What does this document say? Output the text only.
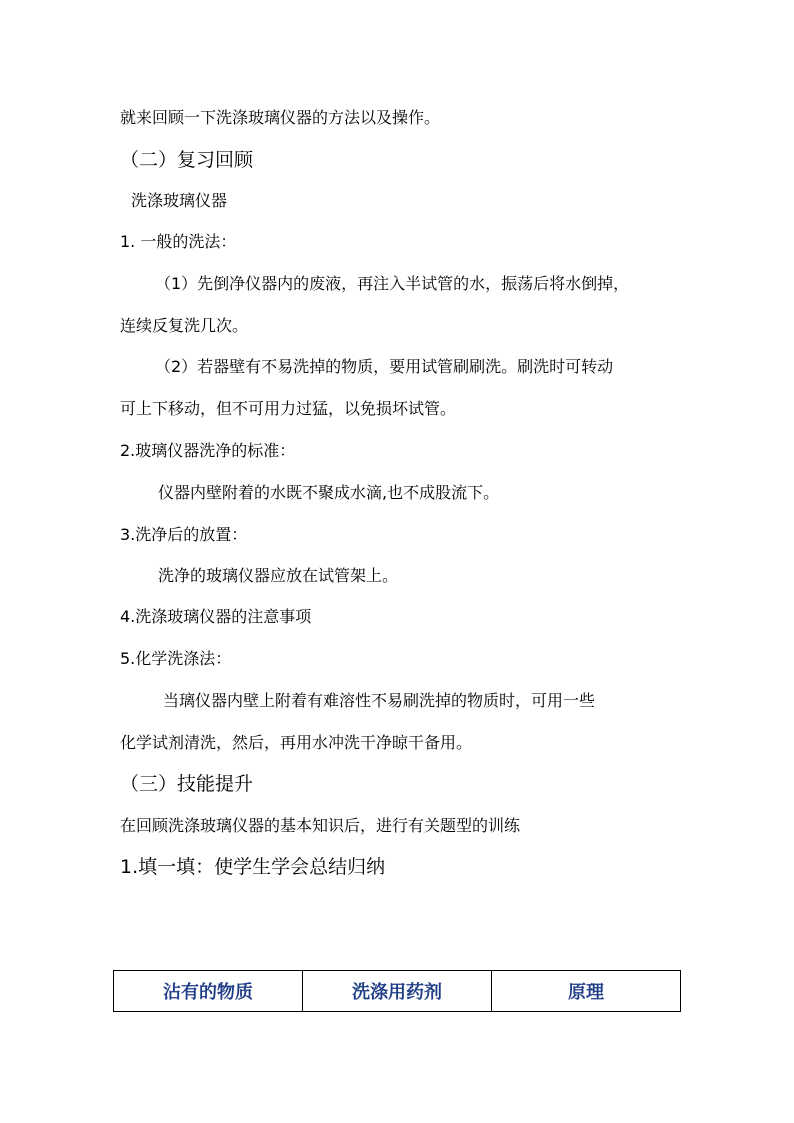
就来回顾一下洗涤玻璃仪器的方法以及操作。
（二）复习回顾
洗涤玻璃仪器
1. 一般的洗法：
（1）先倒净仪器内的废液，再注入半试管的水，振荡后将水倒掉，
连续反复洗几次。
（2）若器壁有不易洗掉的物质，要用试管刷刷洗。刷洗时可转动
可上下移动，但不可用力过猛，以免损坏试管。
2.玻璃仪器洗净的标准：
仪器内壁附着的水既不聚成水滴,也不成股流下。
3.洗净后的放置：
洗净的玻璃仪器应放在试管架上。
4.洗涤玻璃仪器的注意事项
5.化学洗涤法：
当璃仪器内壁上附着有难溶性不易刷洗掉的物质时，可用一些
化学试剂清洗，然后，再用水冲洗干净晾干备用。
（三）技能提升
在回顾洗涤玻璃仪器的基本知识后，进行有关题型的训练
1.填一填：使学生学会总结归纳
沾有的物质	洗涤用药剂	原理
